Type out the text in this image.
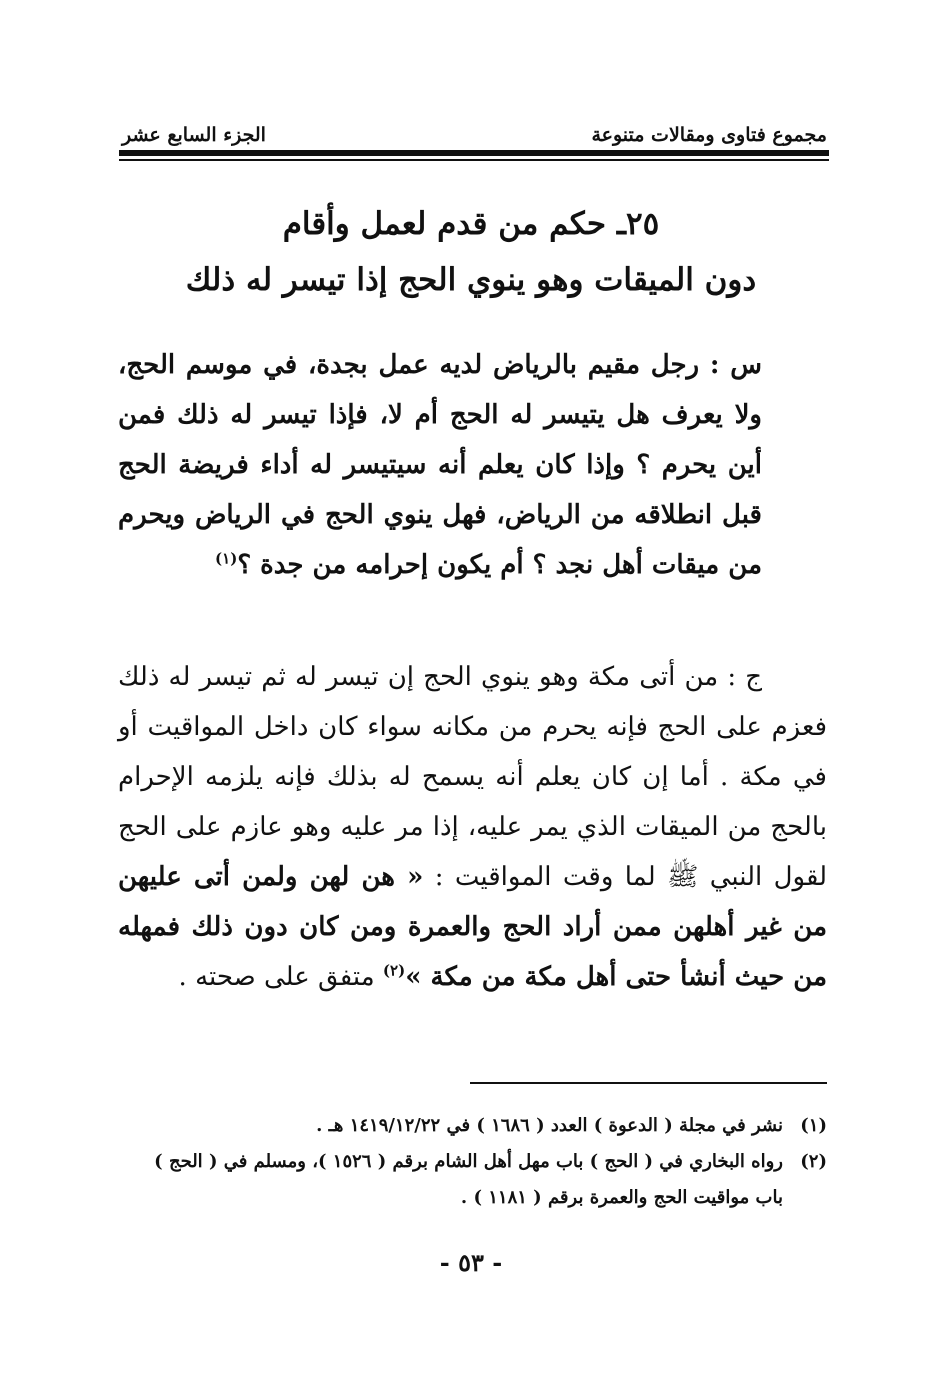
مجموع فتاوى ومقالات متنوعة
الجزء السابع عشر
٢٥ـ حكم من قدم لعمل وأقام
دون الميقات وهو ينوي الحج إذا تيسر له ذلك
س : رجل مقيم بالرياض لديه عمل بجدة، في موسم الحج، ولا يعرف هل يتيسر له الحج أم لا، فإذا تيسر له ذلك فمن أين يحرم ؟ وإذا كان يعلم أنه سيتيسر له أداء فريضة الحج قبل انطلاقه من الرياض، فهل ينوي الحج في الرياض ويحرم من ميقات أهل نجد ؟ أم يكون إحرامه من جدة ؟$^{(١)}$
ج : من أتى مكة وهو ينوي الحج إن تيسر له ثم تيسر له ذلك فعزم على الحج فإنه يحرم من مكانه سواء كان داخل المواقيت أو في مكة . أما إن كان يعلم أنه يسمح له بذلك فإنه يلزمه الإحرام بالحج من الميقات الذي يمر عليه، إذا مر عليه وهو عازم على الحج لقول النبي ﷺ لما وقت المواقيت : « هن لهن ولمن أتى عليهن من غير أهلهن ممن أراد الحج والعمرة ومن كان دون ذلك فمهله من حيث أنشأ حتى أهل مكة من مكة »$^{(٢)}$ متفق على صحته .
(١)
نشر في مجلة ( الدعوة ) العدد ( ١٦٨٦ ) في ١٤١٩/١٢/٢٢ هـ .
(٢)
رواه البخاري في ( الحج ) باب مهل أهل الشام برقم ( ١٥٢٦ )، ومسلم في ( الحج ) باب مواقيت الحج والعمرة برقم ( ١١٨١ ) .
- ٥٣ -
